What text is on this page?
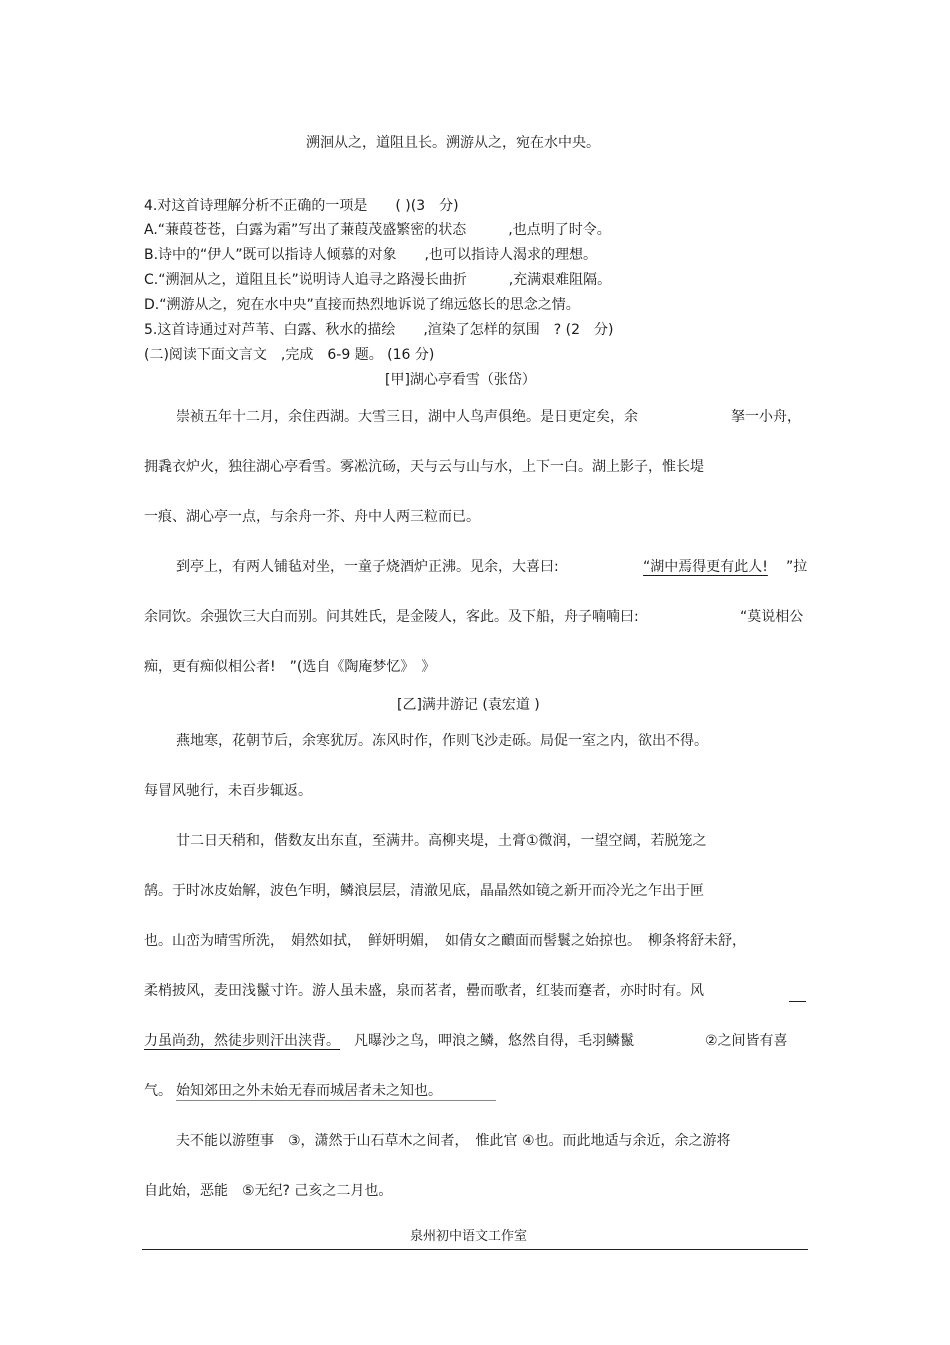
溯洄从之，道阻且长。溯游从之，宛在水中央。
4.对这首诗理解分析不正确的一项是　　( )(3　分)
A.“蒹葭苍苍，白露为霜”写出了蒹葭茂盛繁密的状态　　　,也点明了时令。
B.诗中的“伊人”既可以指诗人倾慕的对象　　,也可以指诗人渴求的理想。
C.“溯洄从之，道阻且长”说明诗人追寻之路漫长曲折　　　,充满艰难阻隔。
D.“溯游从之，宛在水中央”直接而热烈地诉说了绵远悠长的思念之情。
5.这首诗通过对芦苇、白露、秋水的描绘　　,渲染了怎样的氛围　? (2　分)
(二)阅读下面文言文　,完成　6-9 题。 (16 分)
[甲]湖心亭看雪（张岱）
崇祯五年十二月，余住西湖。大雪三日，湖中人鸟声俱绝。是日更定矣，余	拏一小舟，
拥毳衣炉火，独往湖心亭看雪。雾凇沆砀，天与云与山与水，上下一白。湖上影子，惟长堤
一痕、湖心亭一点，与余舟一芥、舟中人两三粒而已。
到亭上，有两人铺毡对坐，一童子烧酒炉正沸。见余，大喜曰:	“湖中焉得更有此人! ”拉
余同饮。余强饮三大白而别。问其姓氏，是金陵人，客此。及下船，舟子喃喃曰:	“莫说相公
痴，更有痴似相公者!　”(选自《陶庵梦忆》　》
[乙]满井游记 (袁宏道 )
燕地寒，花朝节后，余寒犹厉。冻风时作，作则飞沙走砾。局促一室之内，欲出不得。
每冒风驰行，未百步辄返。
廿二日天稍和，偕数友出东直，至满井。高柳夹堤，土膏①微润，一望空阔，若脱笼之
鹄。于时冰皮始解，波色乍明，鳞浪层层，清澈见底，晶晶然如镜之新开而冷光之乍出于匣
也。山峦为晴雪所洗，　娟然如拭，　鲜妍明媚，　如倩女之靧面而髻鬟之始掠也。　柳条将舒未舒，
柔梢披风，麦田浅鬣寸许。游人虽未盛，泉而茗者，罍而歌者，红装而蹇者，亦时时有。风
力虽尚劲，然徒步则汗出浃背。 凡曝沙之鸟，呷浪之鳞，悠然自得，毛羽鳞鬣	②之间皆有喜
气。 始知郊田之外未始无春而城居者未之知也。
夫不能以游堕事　③，潇然于山石草木之间者，　惟此官 ④也。而此地适与余近，余之游将
自此始，恶能　⑤无纪? 己亥之二月也。
泉州初中语文工作室
